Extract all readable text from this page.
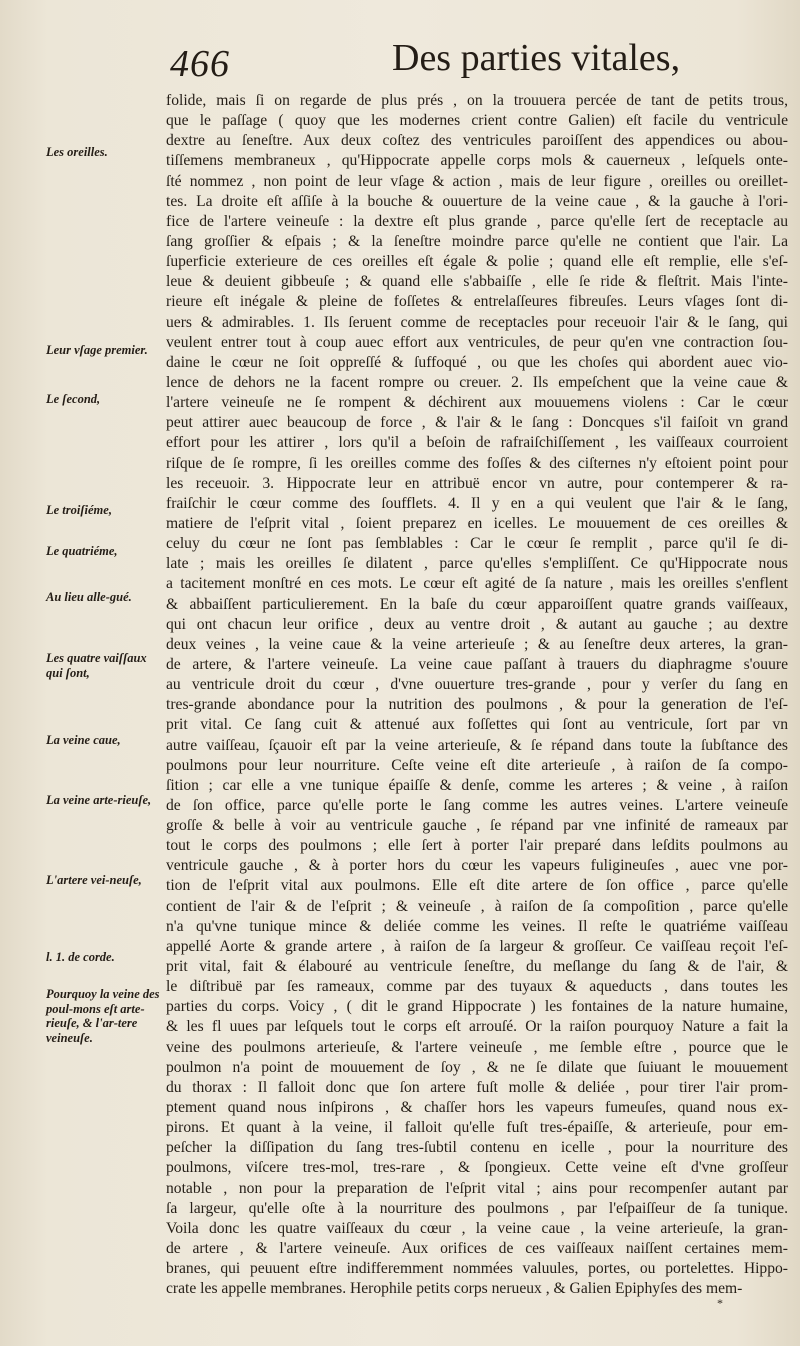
466	Des parties vitales,
folide, mais ſi on regarde de plus prés , on la trouuera percée de tant de petits trous,
que le paſſage ( quoy que les modernes crient contre Galien) eſt facile du ventricule
dextre au ſeneſtre. Aux deux coſtez des ventricules paroiſſent des appendices ou abou-
tiſſemens membraneux , qu'Hippocrate appelle corps mols & cauerneux , leſquels onte-
ſté nommez , non point de leur vſage & action , mais de leur figure , oreilles ou oreillet-
tes. La droite eſt aſſiſe à la bouche & ouuerture de la veine caue , & la gauche à l'ori-
fice de l'artere veineuſe : la dextre eſt plus grande , parce qu'elle ſert de receptacle au
ſang groſſier & eſpais ; & la ſeneſtre moindre parce qu'elle ne contient que l'air. La
ſuperficie exterieure de ces oreilles eſt égale & polie ; quand elle eſt remplie, elle s'eſ-
leue & deuient gibbeuſe ; & quand elle s'abbaiſſe , elle ſe ride & fleſtrit. Mais l'inte-
rieure eſt inégale & pleine de foſſetes & entrelaſſeures fibreuſes. Leurs vſages ſont di-
uers & admirables. 1. Ils ſeruent comme de receptacles pour receuoir l'air & le ſang, qui
veulent entrer tout à coup auec effort aux ventricules, de peur qu'en vne contraction ſou-
daine le cœur ne ſoit oppreſſé & ſuffoqué , ou que les choſes qui abordent auec vio-
lence de dehors ne la facent rompre ou creuer. 2. Ils empeſchent que la veine caue &
l'artere veineuſe ne ſe rompent & déchirent aux mouuemens violens : Car le cœur
peut attirer auec beaucoup de force , & l'air & le ſang : Doncques s'il faiſoit vn grand
effort pour les attirer , lors qu'il a beſoin de rafraiſchiſſement , les vaiſſeaux courroient
riſque de ſe rompre, ſi les oreilles comme des foſſes & des ciſternes n'y eſtoient point pour
les receuoir. 3. Hippocrate leur en attribuë encor vn autre, pour contemperer & ra-
fraiſchir le cœur comme des ſoufflets. 4. Il y en a qui veulent que l'air & le ſang,
matiere de l'eſprit vital , ſoient preparez en icelles. Le mouuement de ces oreilles &
celuy du cœur ne ſont pas ſemblables : Car le cœur ſe remplit , parce qu'il ſe di-
late ; mais les oreilles ſe dilatent , parce qu'elles s'empliſſent. Ce qu'Hippocrate nous
a tacitement monſtré en ces mots. Le cœur eſt agité de ſa nature , mais les oreilles s'enflent
& abbaiſſent particulierement. En la baſe du cœur apparoiſſent quatre grands vaiſſeaux,
qui ont chacun leur orifice , deux au ventre droit , & autant au gauche ; au dextre
deux veines , la veine caue & la veine arterieuſe ; & au ſeneſtre deux arteres, la gran-
de artere, & l'artere veineuſe. La veine caue paſſant à trauers du diaphragme s'ouure
au ventricule droit du cœur , d'vne ouuerture tres-grande , pour y verſer du ſang en
tres-grande abondance pour la nutrition des poulmons , & pour la generation de l'eſ-
prit vital. Ce ſang cuit & attenué aux foſſettes qui ſont au ventricule, ſort par vn
autre vaiſſeau, ſçauoir eſt par la veine arterieuſe, & ſe répand dans toute la ſubſtance des
poulmons pour leur nourriture. Ceſte veine eſt dite arterieuſe , à raiſon de ſa compo-
ſition ; car elle a vne tunique épaiſſe & denſe, comme les arteres ; & veine , à raiſon
de ſon office, parce qu'elle porte le ſang comme les autres veines. L'artere veineuſe
groſſe & belle à voir au ventricule gauche , ſe répand par vne infinité de rameaux par
tout le corps des poulmons ; elle ſert à porter l'air preparé dans leſdits poulmons au
ventricule gauche , & à porter hors du cœur les vapeurs fuligineuſes , auec vne por-
tion de l'eſprit vital aux poulmons. Elle eſt dite artere de ſon office , parce qu'elle
contient de l'air & de l'eſprit ; & veineuſe , à raiſon de ſa compoſition , parce qu'elle
n'a qu'vne tunique mince & deliée comme les veines. Il reſte le quatriéme vaiſſeau
appellé Aorte & grande artere , à raiſon de ſa largeur & groſſeur. Ce vaiſſeau reçoit l'eſ-
prit vital, fait & élabouré au ventricule ſeneſtre, du meſlange du ſang & de l'air, &
le diſtribuë par ſes rameaux, comme par des tuyaux & aqueducts , dans toutes les
parties du corps. Voicy , ( dit le grand Hippocrate ) les fontaines de la nature humaine,
& les fl uues par leſquels tout le corps eſt arrouſé. Or la raiſon pourquoy Nature a fait la
veine des poulmons arterieuſe, & l'artere veineuſe , me ſemble eſtre , pource que le
poulmon n'a point de mouuement de ſoy , & ne ſe dilate que ſuiuant le mouuement
du thorax : Il falloit donc que ſon artere fuſt molle & deliée , pour tirer l'air prom-
ptement quand nous inſpirons , & chaſſer hors les vapeurs fumeuſes, quand nous ex-
pirons. Et quant à la veine, il falloit qu'elle fuſt tres-épaiſſe, & arterieuſe, pour em-
peſcher la diſſipation du ſang tres-ſubtil contenu en icelle , pour la nourriture des
poulmons, viſcere tres-mol, tres-rare , & ſpongieux. Cette veine eſt d'vne groſſeur
notable , non pour la preparation de l'eſprit vital ; ains pour recompenſer autant par
ſa largeur, qu'elle oſte à la nourriture des poulmons , par l'eſpaiſſeur de ſa tunique.
Voila donc les quatre vaiſſeaux du cœur , la veine caue , la veine arterieuſe, la gran-
de artere , & l'artere veineuſe. Aux orifices de ces vaiſſeaux naiſſent certaines mem-
branes, qui peuuent eſtre indifferemment nommées valuules, portes, ou portelettes. Hippo-
crate les appelle membranes. Herophile petits corps nerueux , & Galien Epiphyſes des mem-
Les oreilles.
Leur vſage premier.
Le ſecond,
Le troiſiéme,
Le quatriéme,
Au lieu alle-gué.
Les quatre vaiſſaux qui ſont,
La veine caue,
La veine arte-rieuſe,
L'artere vei-neuſe,
l. 1. de corde.
Pourquoy la veine des poul-mons eſt arte-rieuſe, & l'ar-tere veineuſe.
*
